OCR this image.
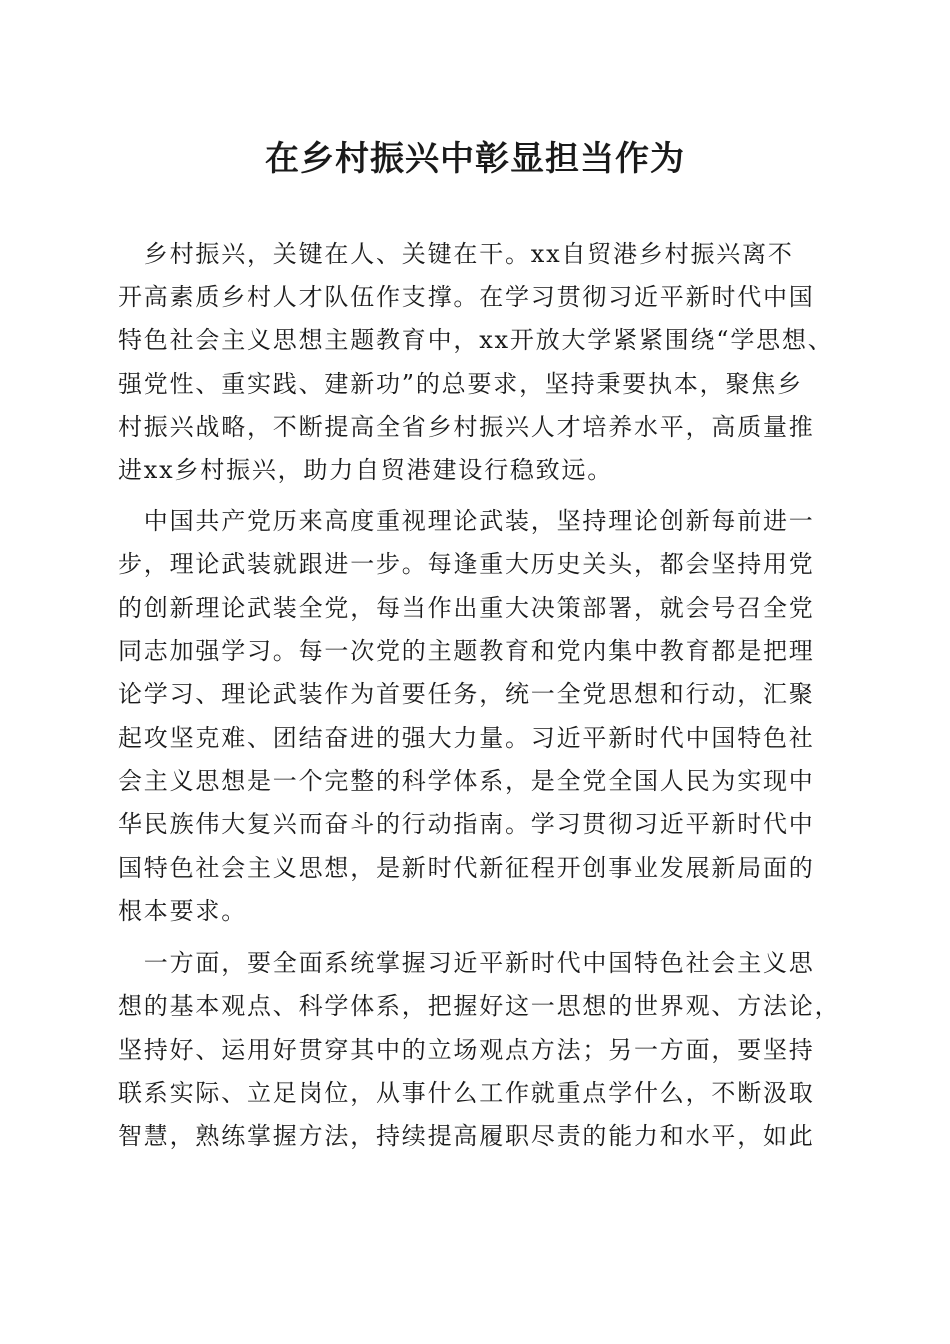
在乡村振兴中彰显担当作为
　乡村振兴，关键在人、关键在干。xx自贸港乡村振兴离不
开高素质乡村人才队伍作支撑。在学习贯彻习近平新时代中国
特色社会主义思想主题教育中，xx开放大学紧紧围绕“学思想、
强党性、重实践、建新功”的总要求，坚持秉要执本，聚焦乡
村振兴战略，不断提高全省乡村振兴人才培养水平，高质量推
进xx乡村振兴，助力自贸港建设行稳致远。
　中国共产党历来高度重视理论武装，坚持理论创新每前进一
步，理论武装就跟进一步。每逢重大历史关头，都会坚持用党
的创新理论武装全党，每当作出重大决策部署，就会号召全党
同志加强学习。每一次党的主题教育和党内集中教育都是把理
论学习、理论武装作为首要任务，统一全党思想和行动，汇聚
起攻坚克难、团结奋进的强大力量。习近平新时代中国特色社
会主义思想是一个完整的科学体系，是全党全国人民为实现中
华民族伟大复兴而奋斗的行动指南。学习贯彻习近平新时代中
国特色社会主义思想，是新时代新征程开创事业发展新局面的
根本要求。
　一方面，要全面系统掌握习近平新时代中国特色社会主义思
想的基本观点、科学体系，把握好这一思想的世界观、方法论，
坚持好、运用好贯穿其中的立场观点方法；另一方面，要坚持
联系实际、立足岗位，从事什么工作就重点学什么，不断汲取
智慧，熟练掌握方法，持续提高履职尽责的能力和水平，如此
